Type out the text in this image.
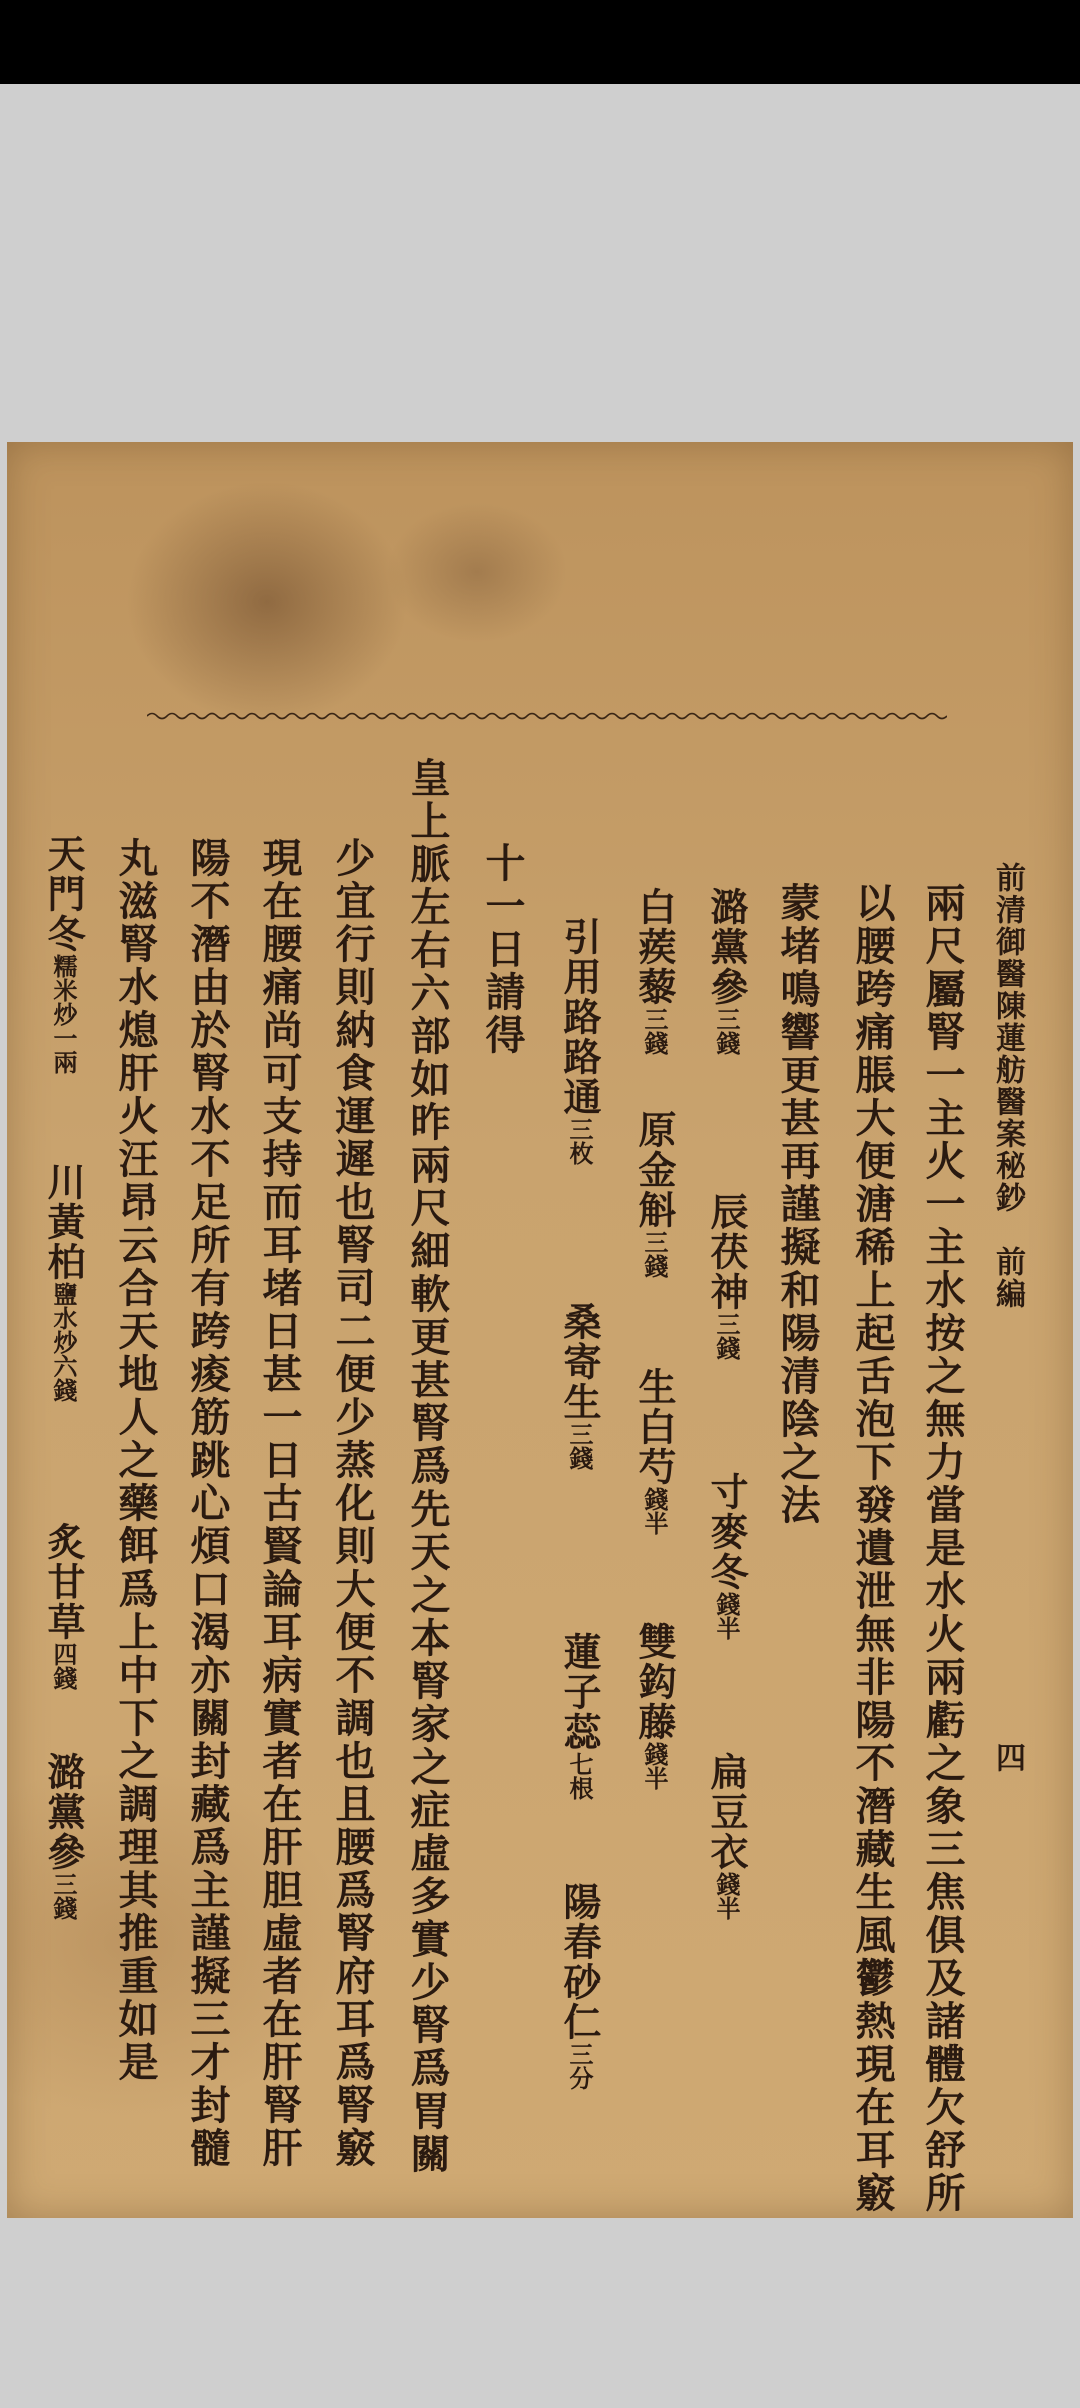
前清御醫陳蓮舫醫案秘鈔　前編
四
兩尺屬腎一主火一主水按之無力當是水火兩虧之象三焦俱及諸體欠舒所
以腰跨痛脹大便溏稀上起舌泡下發遺泄無非陽不潛藏生風鬱熱現在耳竅
蒙堵鳴響更甚再謹擬和陽清陰之法
潞黨參三錢
辰茯神三錢
寸麥冬錢半
扁豆衣錢半
白蒺藜三錢
原金斛三錢
生白芍錢半
雙鈎藤錢半
引用路路通三枚
桑寄生三錢
蓮子蕊七根
陽春砂仁三分
十一日請得
皇上脈左右六部如昨兩尺細軟更甚腎爲先天之本腎家之症虛多實少腎爲胃關
少宜行則納食運遲也腎司二便少蒸化則大便不調也且腰爲腎府耳爲腎竅
現在腰痛尚可支持而耳堵日甚一日古賢論耳病實者在肝胆虛者在肝腎肝
陽不潛由於腎水不足所有跨痠筋跳心煩口渴亦關封藏爲主謹擬三才封髓
丸滋腎水熄肝火汪昂云合天地人之藥餌爲上中下之調理其推重如是
天門冬糯米炒一兩
川黃柏鹽水炒六錢
炙甘草四錢
潞黨參三錢
